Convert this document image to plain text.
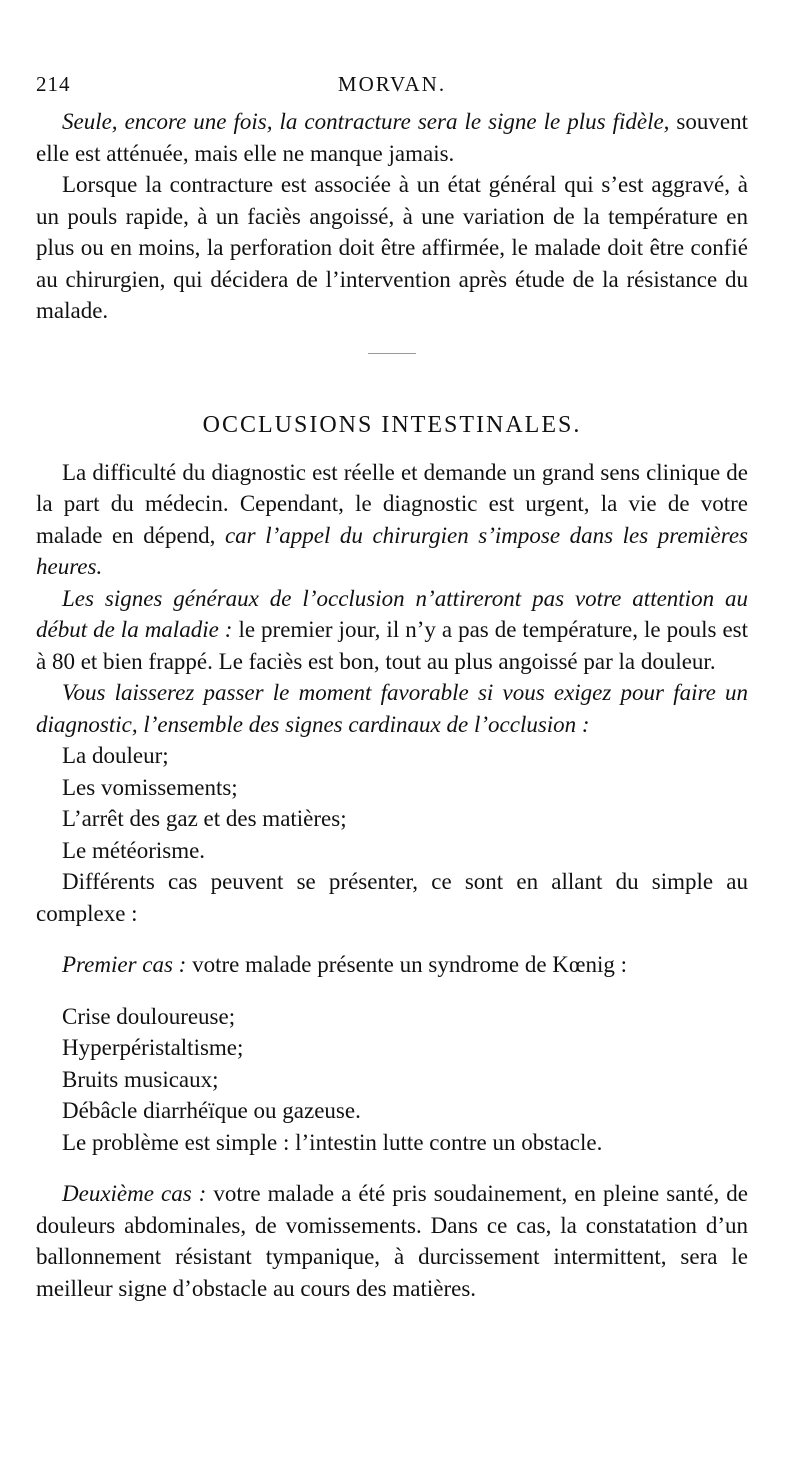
214	MORVAN.

Seule, encore une fois, la contracture sera le signe le plus fidèle, souvent elle est atténuée, mais elle ne manque jamais.

Lorsque la contracture est associée à un état général qui s’est aggravé, à un pouls rapide, à un faciès angoissé, à une variation de la température en plus ou en moins, la perforation doit être affirmée, le malade doit être confié au chirurgien, qui décidera de l’intervention après étude de la résistance du malade.

OCCLUSIONS INTESTINALES.

La difficulté du diagnostic est réelle et demande un grand sens clinique de la part du médecin. Cependant, le diagnostic est urgent, la vie de votre malade en dépend, car l’appel du chirurgien s’impose dans les premières heures.

Les signes généraux de l’occlusion n’attireront pas votre attention au début de la maladie : le premier jour, il n’y a pas de température, le pouls est à 80 et bien frappé. Le faciès est bon, tout au plus angoissé par la douleur.

Vous laisserez passer le moment favorable si vous exigez pour faire un diagnostic, l’ensemble des signes cardinaux de l’occlusion :

La douleur;

Les vomissements;

L’arrêt des gaz et des matières;

Le météorisme.

Différents cas peuvent se présenter, ce sont en allant du simple au complexe :

Premier cas : votre malade présente un syndrome de Kœnig :

Crise douloureuse;

Hyperpéristaltisme;

Bruits musicaux;

Débâcle diarrhéïque ou gazeuse.

Le problème est simple : l’intestin lutte contre un obstacle.

Deuxième cas : votre malade a été pris soudainement, en pleine santé, de douleurs abdominales, de vomissements. Dans ce cas, la constatation d’un ballonnement résistant tympanique, à durcissement intermittent, sera le meilleur signe d’obstacle au cours des matières.
